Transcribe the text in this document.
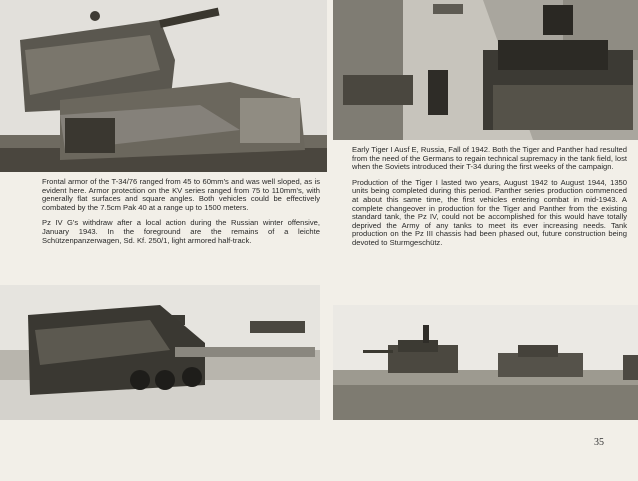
Frontal armor of the T-34/76 ranged from 45 to 60mm's and was well sloped, as is evident here. Armor protection on the KV series ranged from 75 to 110mm's, with generally flat surfaces and square angles. Both vehicles could be effectively combated by the 7.5cm Pak 40 at a range up to 1500 meters.

Pz IV G's withdraw after a local action during the Russian winter offensive, January 1943. In the foreground are the remains of a leichte Schützenpanzerwagen, Sd. Kf. 250/1, light armored half-track.

Early Tiger I Ausf E, Russia, Fall of 1942. Both the Tiger and Panther had resulted from the need of the Germans to regain technical supremacy in the tank field, lost when the Soviets introduced their T-34 during the first weeks of the campaign.

Production of the Tiger I lasted two years, August 1942 to August 1944, 1350 units being completed during this period. Panther series production commenced at about this same time, the first vehicles entering combat in mid-1943. A complete changeover in production for the Tiger and Panther from the existing standard tank, the Pz IV, could not be accomplished for this would have totally deprived the Army of any tanks to meet its ever increasing needs. Tank production on the Pz III chassis had been phased out, future construction being devoted to Sturmgeschütz.

35
